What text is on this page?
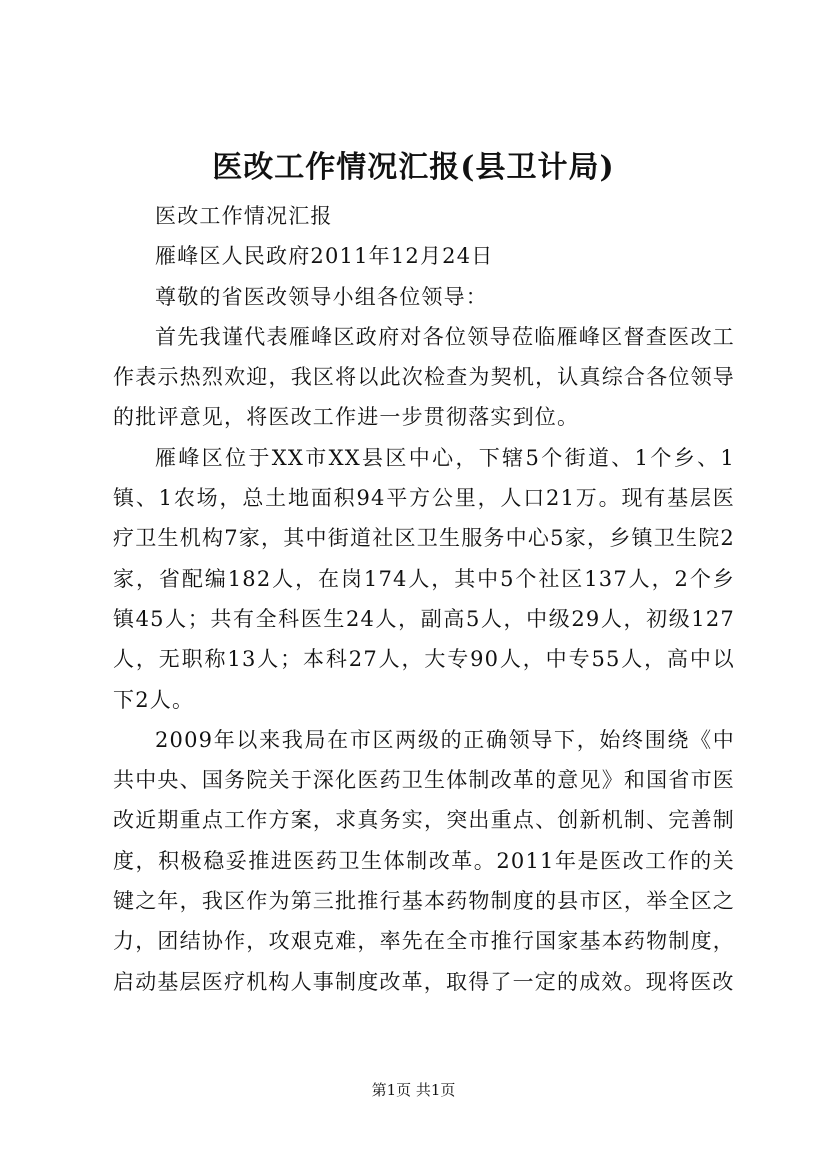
医改工作情况汇报(县卫计局)

医改工作情况汇报

雁峰区人民政府2011年12月24日

尊敬的省医改领导小组各位领导：

首先我谨代表雁峰区政府对各位领导莅临雁峰区督查医改工作表示热烈欢迎，我区将以此次检查为契机，认真综合各位领导的批评意见，将医改工作进一步贯彻落实到位。

雁峰区位于XX市XX县区中心，下辖5个街道、1个乡、1镇、1农场，总土地面积94平方公里，人口21万。现有基层医疗卫生机构7家，其中街道社区卫生服务中心5家，乡镇卫生院2家，省配编182人，在岗174人，其中5个社区137人，2个乡镇45人；共有全科医生24人，副高5人，中级29人，初级127人，无职称13人；本科27人，大专90人，中专55人，高中以下2人。

2009年以来我局在市区两级的正确领导下，始终围绕《中共中央、国务院关于深化医药卫生体制改革的意见》和国省市医改近期重点工作方案，求真务实，突出重点、创新机制、完善制度，积极稳妥推进医药卫生体制改革。2011年是医改工作的关键之年，我区作为第三批推行基本药物制度的县市区，举全区之力，团结协作，攻艰克难，率先在全市推行国家基本药物制度，启动基层医疗机构人事制度改革，取得了一定的成效。现将医改

第1页 共1页
